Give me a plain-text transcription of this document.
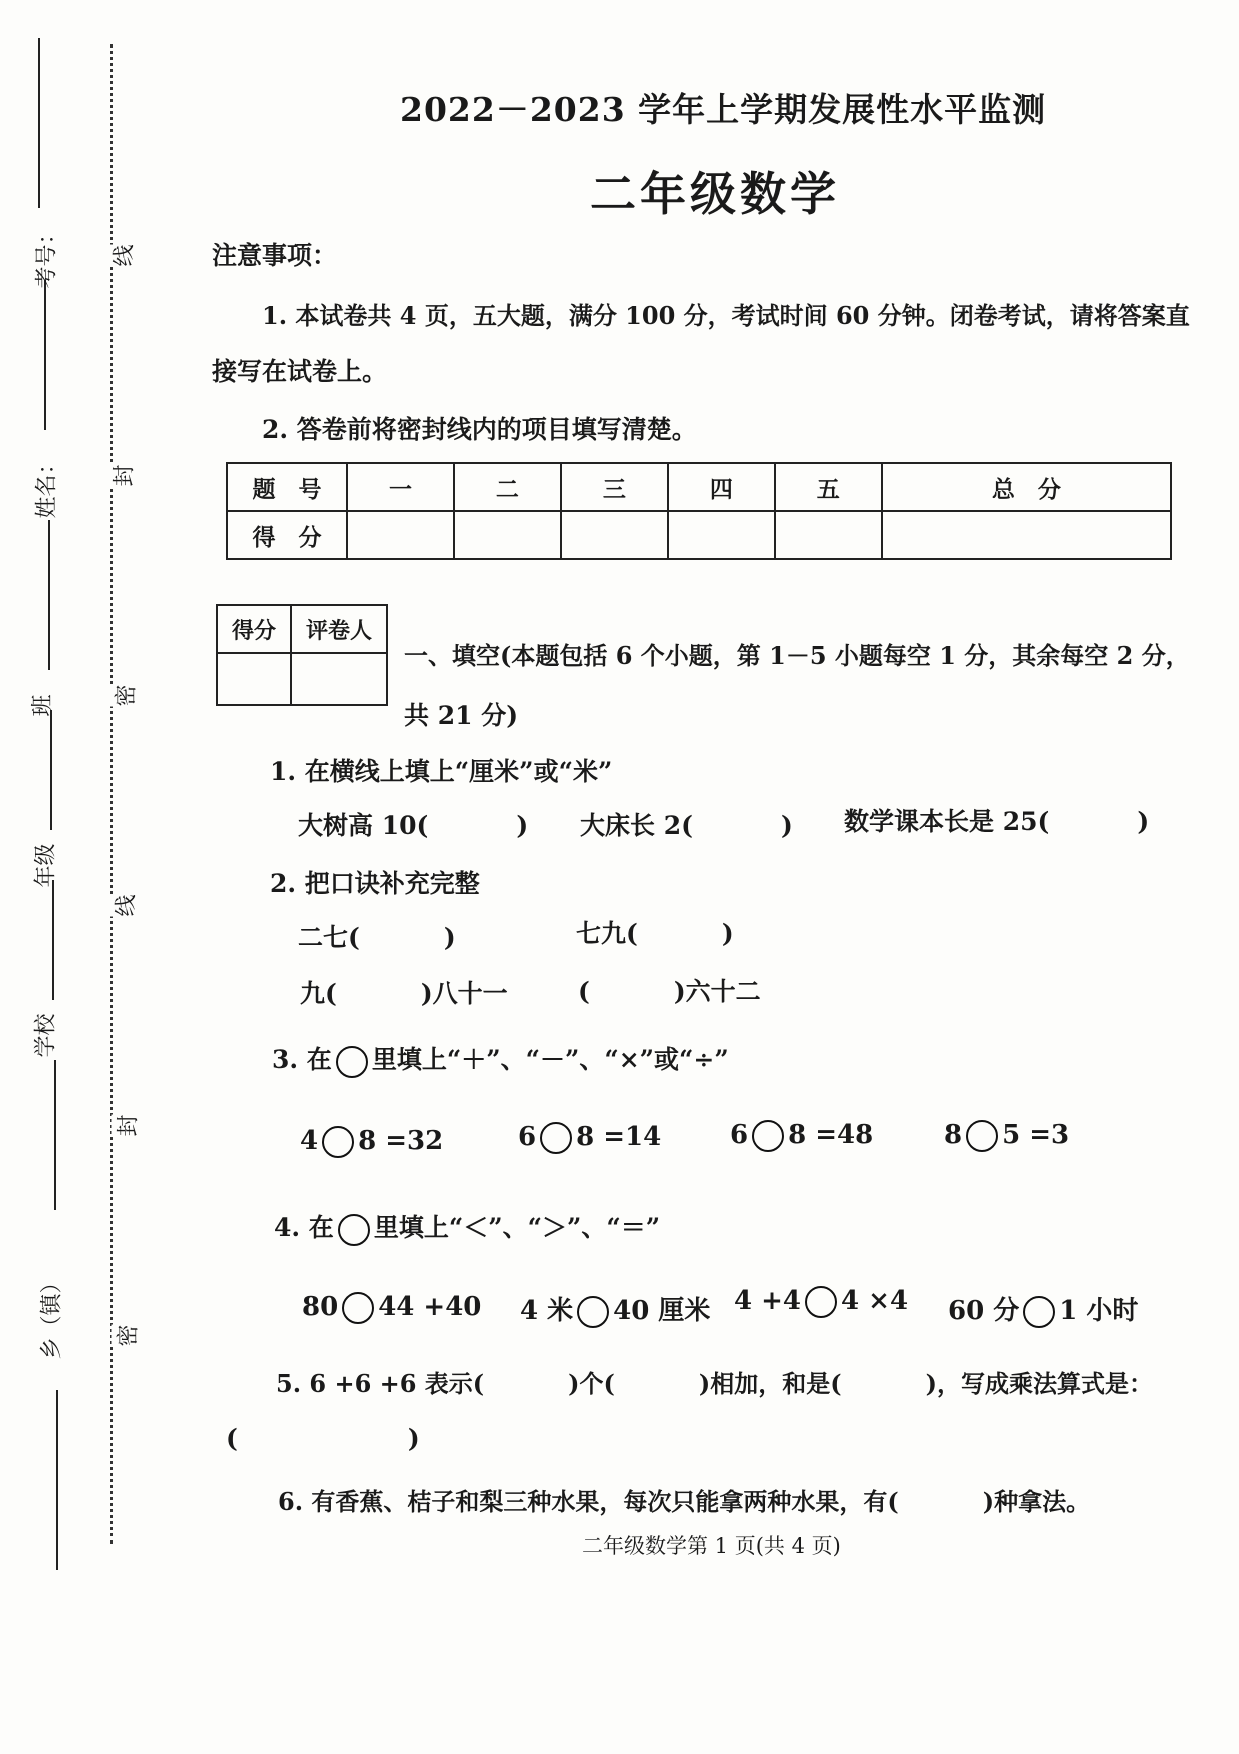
考号：
姓名：
班
年级
学校
乡（镇）
线
封
密
线
封
密
2022－2023 学年上学期发展性水平监测
二年级数学
注意事项：
1. 本试卷共 4 页，五大题，满分 100 分，考试时间 60 分钟。闭卷考试，请将答案直
接写在试卷上。
2. 答卷前将密封线内的项目填写清楚。
题　号	一	二	三	四	五	总　分
得　分						
得分	评卷人

一、填空(本题包括 6 个小题，第 1－5 小题每空 1 分，其余每空 2 分，
共 21 分)
1. 在横线上填上“厘米”或“米”
大树高 10(	) 大床长 2(	) 数学课本长是 25(	)
2. 把口诀补充完整
二七(	)	七九(	)
九(	)八十一	(	)六十二
3. 在 里填上“＋”、“－”、“×”或“÷”
4 8 =32	6 8 =14	6 8 =48	8 5 =3
4. 在 里填上“＜”、“＞”、“＝”
80 44 +40 4 米 40 厘米 4 +4 4 ×4 60 分 1 小时
5. 6 +6 +6 表示(	)个(	)相加，和是(	)，写成乘法算式是：
(	)
6. 有香蕉、桔子和梨三种水果，每次只能拿两种水果，有(	)种拿法。
二年级数学第 1 页(共 4 页)
